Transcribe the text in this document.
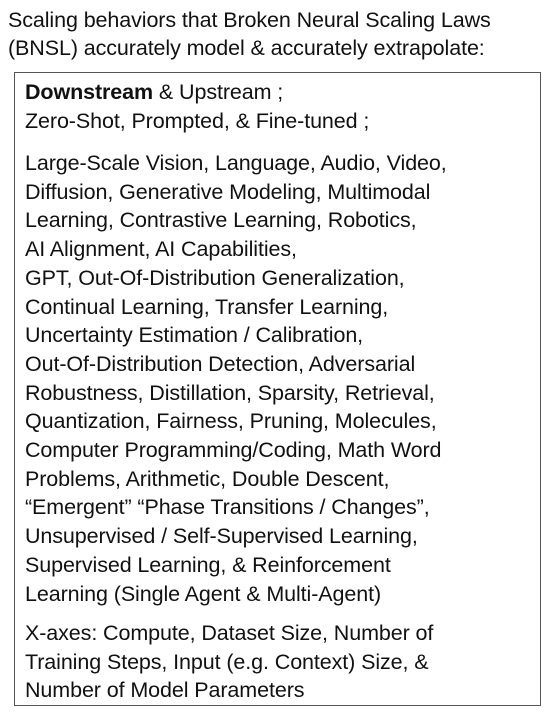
Scaling behaviors that Broken Neural Scaling Laws
(BNSL) accurately model & accurately extrapolate:
Downstream & Upstream ;
Zero-Shot, Prompted, & Fine-tuned ;
Large-Scale Vision, Language, Audio, Video,
Diffusion, Generative Modeling, Multimodal
Learning, Contrastive Learning, Robotics,
AI Alignment, AI Capabilities,
GPT, Out-Of-Distribution Generalization,
Continual Learning, Transfer Learning,
Uncertainty Estimation / Calibration,
Out-Of-Distribution Detection, Adversarial
Robustness, Distillation, Sparsity, Retrieval,
Quantization, Fairness, Pruning, Molecules,
Computer Programming/Coding, Math Word
Problems, Arithmetic, Double Descent,
“Emergent” “Phase Transitions / Changes”,
Unsupervised / Self-Supervised Learning,
Supervised Learning, & Reinforcement
Learning (Single Agent & Multi-Agent)
X-axes: Compute, Dataset Size, Number of
Training Steps, Input (e.g. Context) Size, &
Number of Model Parameters
